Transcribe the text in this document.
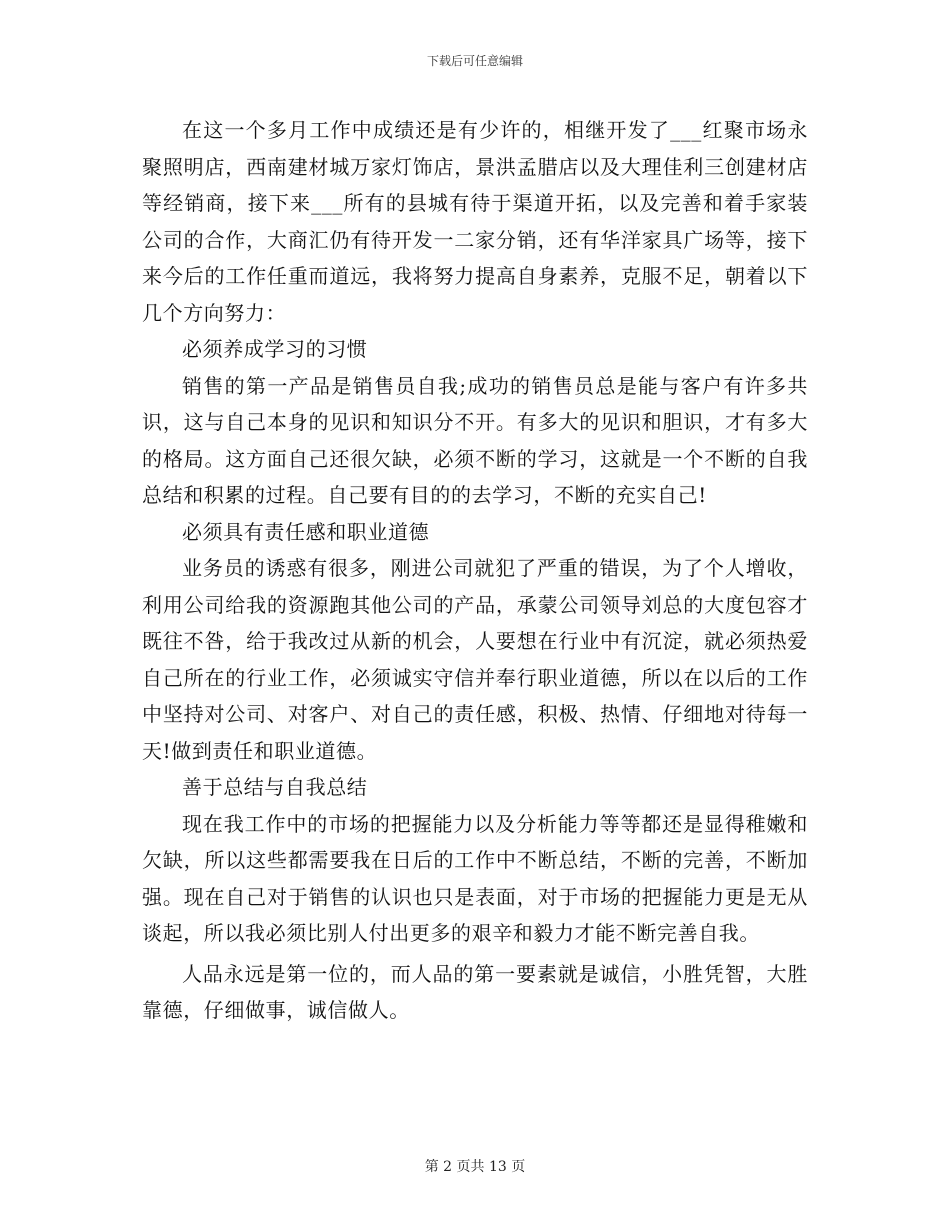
下载后可任意编辑

在这一个多月工作中成绩还是有少许的，相继开发了___红聚市场永聚照明店，西南建材城万家灯饰店，景洪孟腊店以及大理佳利三创建材店等经销商，接下来___所有的县城有待于渠道开拓，以及完善和着手家装公司的合作，大商汇仍有待开发一二家分销，还有华洋家具广场等，接下来今后的工作任重而道远，我将努力提高自身素养，克服不足，朝着以下几个方向努力：

必须养成学习的习惯

销售的第一产品是销售员自我;成功的销售员总是能与客户有许多共识，这与自己本身的见识和知识分不开。有多大的见识和胆识，才有多大的格局。这方面自己还很欠缺，必须不断的学习，这就是一个不断的自我总结和积累的过程。自己要有目的的去学习，不断的充实自己!

必须具有责任感和职业道德

业务员的诱惑有很多，刚进公司就犯了严重的错误，为了个人增收，利用公司给我的资源跑其他公司的产品，承蒙公司领导刘总的大度包容才既往不咎，给于我改过从新的机会，人要想在行业中有沉淀，就必须热爱自己所在的行业工作，必须诚实守信并奉行职业道德，所以在以后的工作中坚持对公司、对客户、对自己的责任感，积极、热情、仔细地对待每一天!做到责任和职业道德。

善于总结与自我总结

现在我工作中的市场的把握能力以及分析能力等等都还是显得稚嫩和欠缺，所以这些都需要我在日后的工作中不断总结，不断的完善，不断加强。现在自己对于销售的认识也只是表面，对于市场的把握能力更是无从谈起，所以我必须比别人付出更多的艰辛和毅力才能不断完善自我。

人品永远是第一位的，而人品的第一要素就是诚信，小胜凭智，大胜靠德，仔细做事，诚信做人。

第 2 页共 13 页
